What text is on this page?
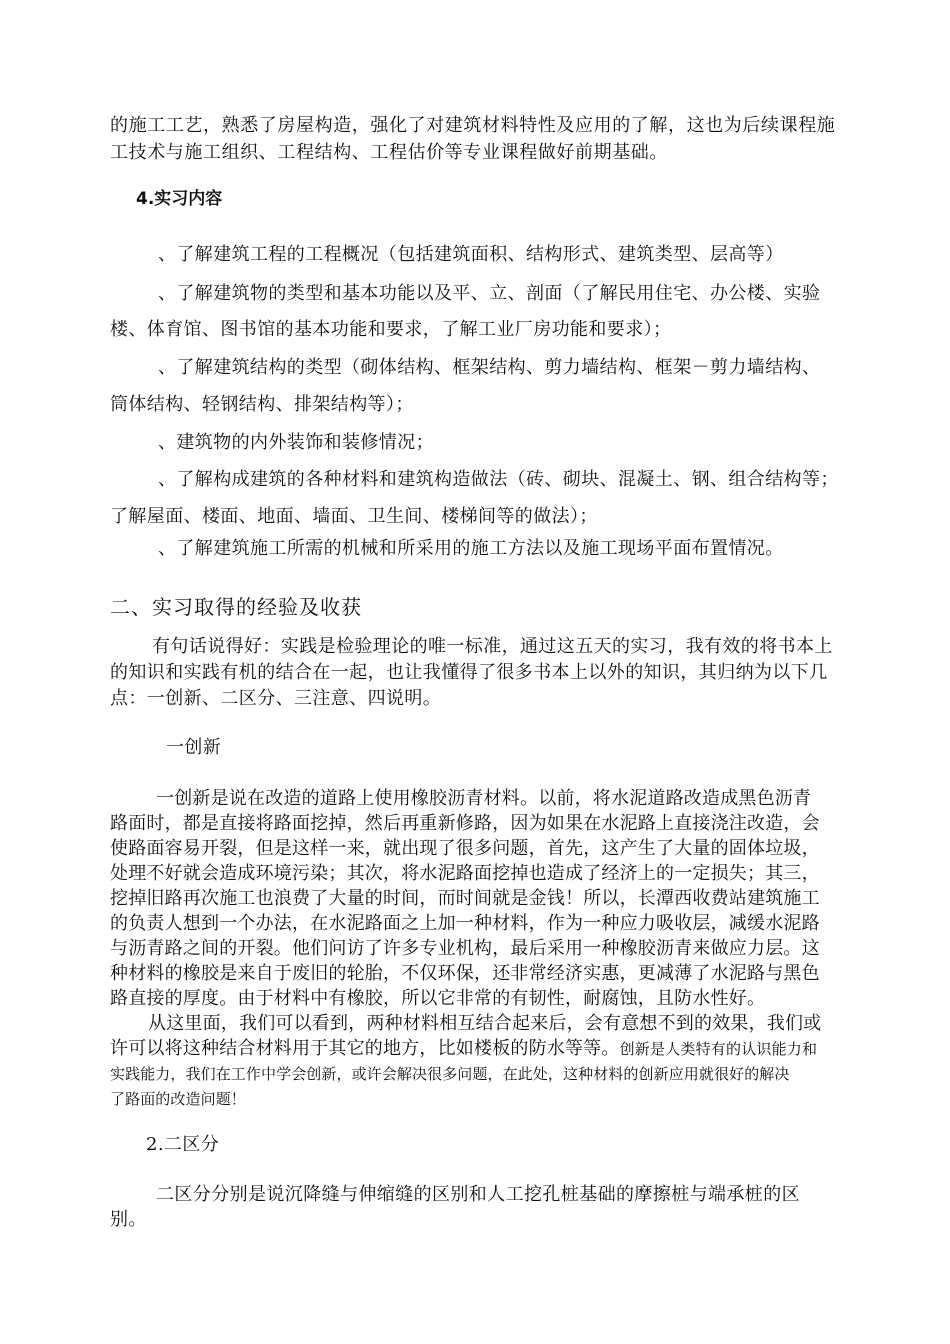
的施工工艺，熟悉了房屋构造，强化了对建筑材料特性及应用的了解，这也为后续课程施
工技术与施工组织、工程结构、工程估价等专业课程做好前期基础。
4.实习内容
、了解建筑工程的工程概况（包括建筑面积、结构形式、建筑类型、层高等）
、了解建筑物的类型和基本功能以及平、立、剖面（了解民用住宅、办公楼、实验
楼、体育馆、图书馆的基本功能和要求，了解工业厂房功能和要求）；
、了解建筑结构的类型（砌体结构、框架结构、剪力墙结构、框架－剪力墙结构、
筒体结构、轻钢结构、排架结构等）；
、建筑物的内外装饰和装修情况；
、了解构成建筑的各种材料和建筑构造做法（砖、砌块、混凝土、钢、组合结构等；
了解屋面、楼面、地面、墙面、卫生间、楼梯间等的做法）；
、了解建筑施工所需的机械和所采用的施工方法以及施工现场平面布置情况。
二、实习取得的经验及收获
有句话说得好：实践是检验理论的唯一标准，通过这五天的实习，我有效的将书本上
的知识和实践有机的结合在一起，也让我懂得了很多书本上以外的知识，其归纳为以下几
点：一创新、二区分、三注意、四说明。
一创新
一创新是说在改造的道路上使用橡胶沥青材料。以前，将水泥道路改造成黑色沥青
路面时，都是直接将路面挖掉，然后再重新修路，因为如果在水泥路上直接浇注改造，会
使路面容易开裂，但是这样一来，就出现了很多问题，首先，这产生了大量的固体垃圾，
处理不好就会造成环境污染；其次，将水泥路面挖掉也造成了经济上的一定损失；其三，
挖掉旧路再次施工也浪费了大量的时间，而时间就是金钱！所以，长潭西收费站建筑施工
的负责人想到一个办法，在水泥路面之上加一种材料，作为一种应力吸收层，减缓水泥路
与沥青路之间的开裂。他们问访了许多专业机构，最后采用一种橡胶沥青来做应力层。这
种材料的橡胶是来自于废旧的轮胎，不仅环保，还非常经济实惠，更减薄了水泥路与黑色
路直接的厚度。由于材料中有橡胶，所以它非常的有韧性，耐腐蚀，且防水性好。
从这里面，我们可以看到，两种材料相互结合起来后，会有意想不到的效果，我们或
许可以将这种结合材料用于其它的地方，比如楼板的防水等等。创新是人类特有的认识能力和
实践能力，我们在工作中学会创新，或许会解决很多问题，在此处，这种材料的创新应用就很好的解决
了路面的改造问题！
2.二区分
二区分分别是说沉降缝与伸缩缝的区别和人工挖孔桩基础的摩擦桩与端承桩的区
别。
